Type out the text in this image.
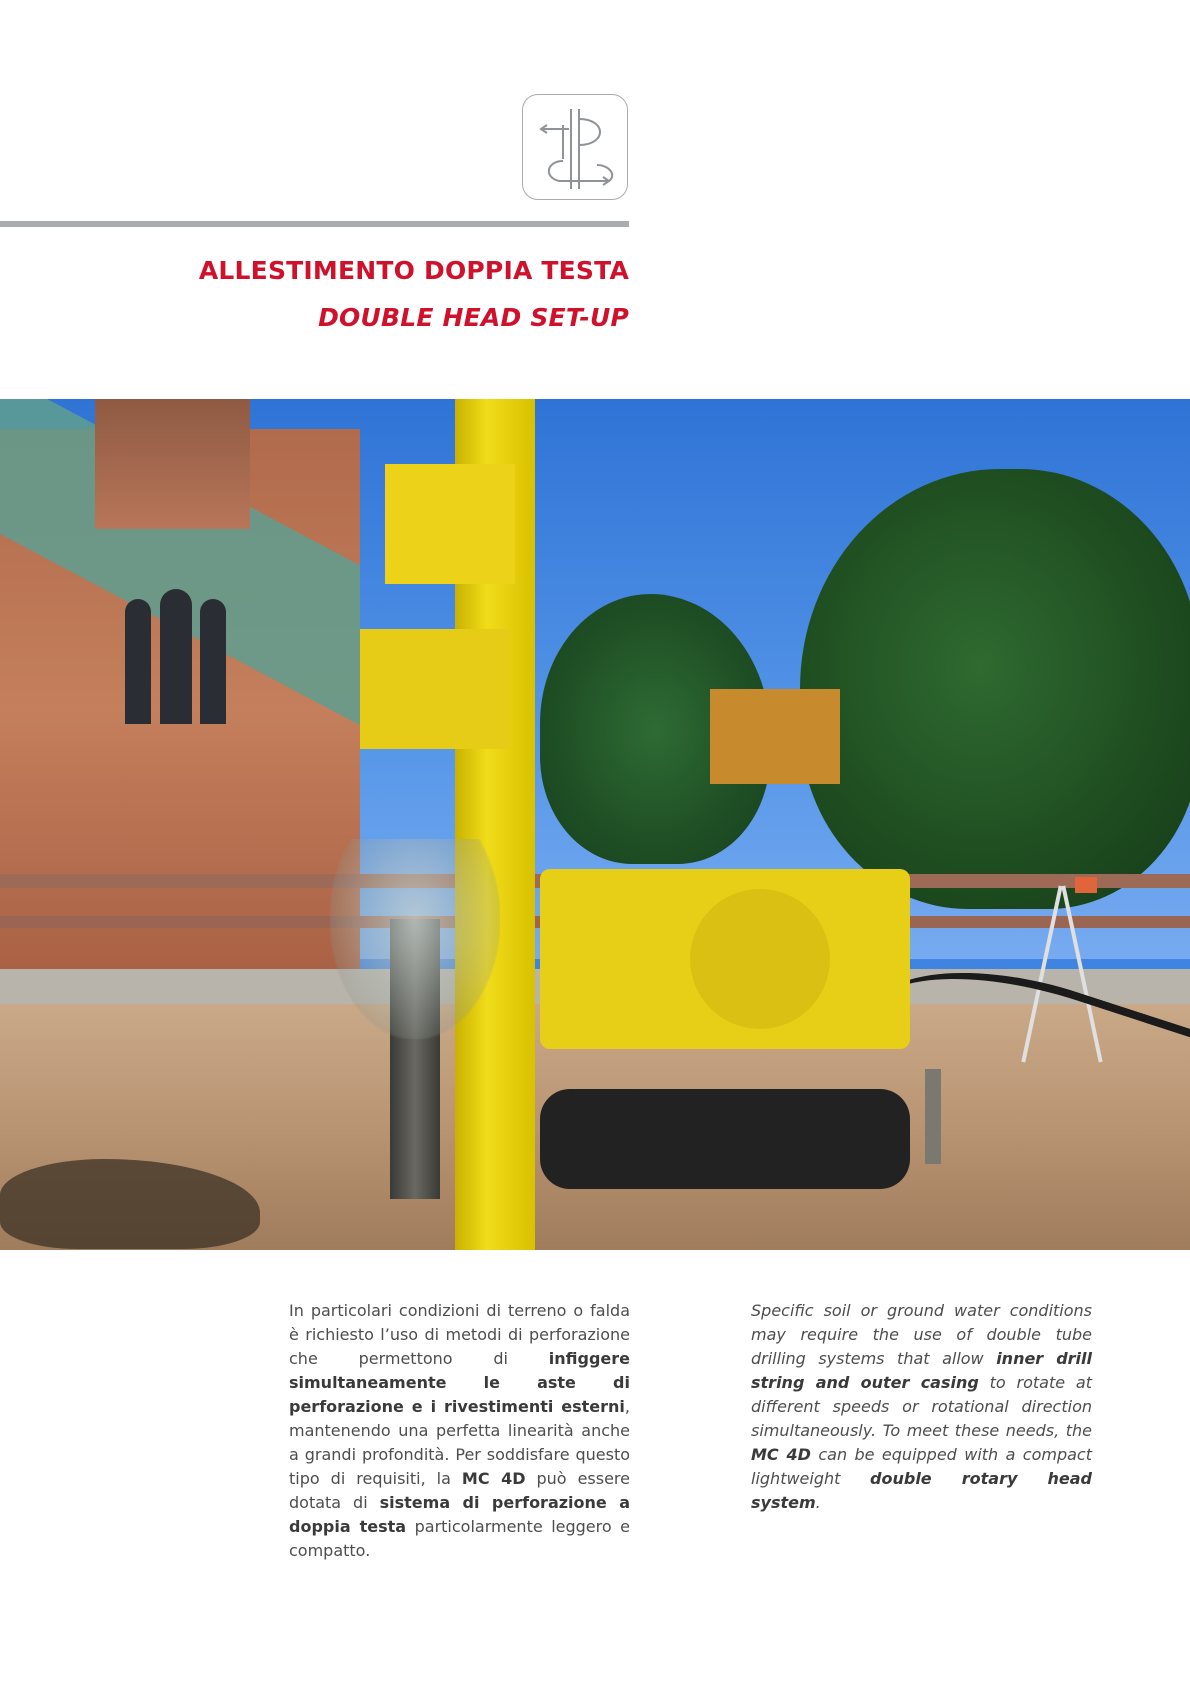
ALLESTIMENTO DOPPIA TESTA
DOUBLE HEAD SET-UP
In particolari condizioni di terreno o falda è richiesto l’uso di metodi di perforazione che permettono di infiggere simultaneamente le aste di perforazione e i rivestimenti esterni, mantenendo una perfetta linearità anche a grandi profondità. Per soddisfare questo tipo di requisiti, la MC 4D può essere dotata di sistema di perforazione a doppia testa particolarmente leggero e compatto.
Specific soil or ground water conditions may require the use of double tube drilling systems that allow inner drill string and outer casing to rotate at different speeds or rotational direction simultaneously. To meet these needs, the MC 4D can be equipped with a compact lightweight double rotary head system.
